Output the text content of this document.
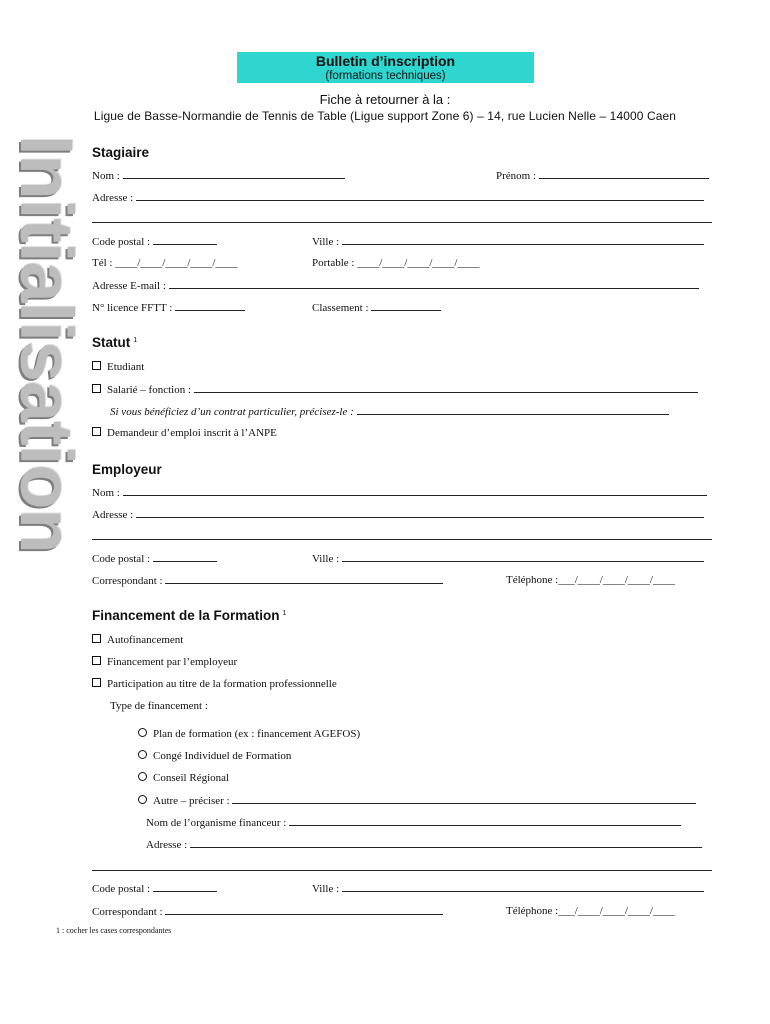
Bulletin d’inscription
(formations techniques)
Fiche à retourner à la :
Ligue de Basse-Normandie de Tennis de Table (Ligue support Zone 6) – 14, rue Lucien Nelle – 14000 Caen
Initialisation Stagiaire
Nom :	Prénom :
Adresse :
Code postal :	Ville :
Tél : ____/____/____/____/____	Portable : ____/____/____/____/____
Adresse E-mail :
N° licence FFTT :	Classement :
Statut $^1$
Etudiant
Salarié – fonction :
Si vous bénéficiez d’un contrat particulier, précisez-le :
Demandeur d’emploi inscrit à l’ANPE
Employeur
Nom :
Adresse :
Code postal :	Ville :
Correspondant :	Téléphone :___/____/____/____/____
Financement de la Formation $^1$
Autofinancement
Financement par l’employeur
Participation au titre de la formation professionnelle
Type de financement :
Plan de formation (ex : financement AGEFOS)
Congé Individuel de Formation
Conseil Régional
Autre – préciser :
Nom de l’organisme financeur :
Adresse :
Code postal :	Ville :
Correspondant :	Téléphone :___/____/____/____/____
1 : cocher les cases correspondantes
